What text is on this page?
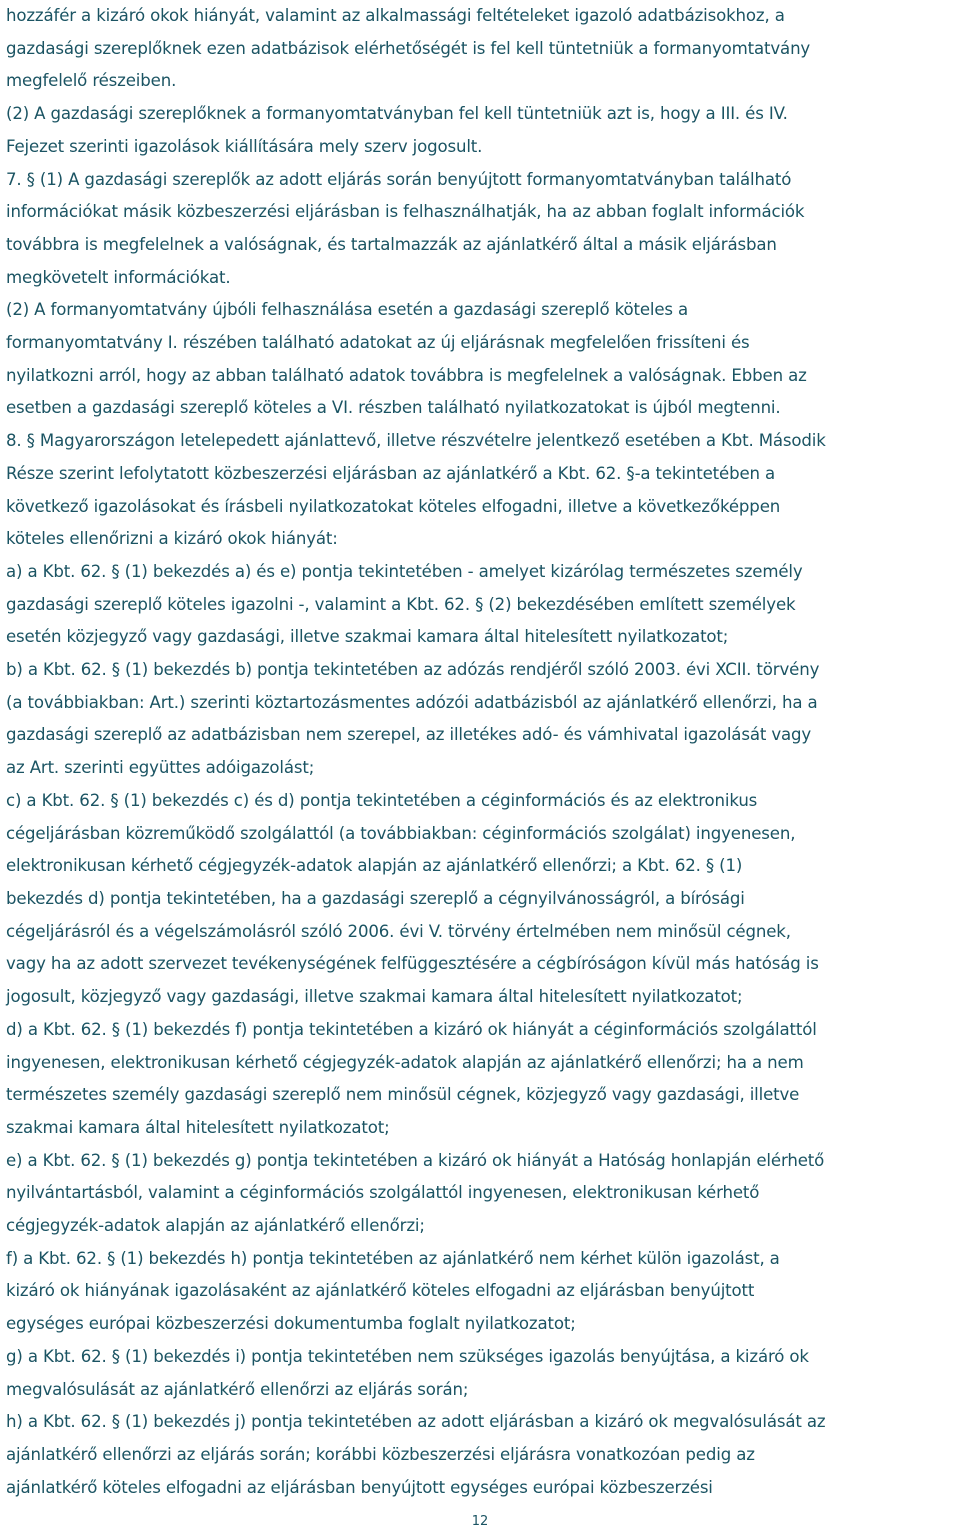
hozzáfér a kizáró okok hiányát, valamint az alkalmassági feltételeket igazoló adatbázisokhoz, a

gazdasági szereplőknek ezen adatbázisok elérhetőségét is fel kell tüntetniük a formanyomtatvány

megfelelő részeiben.

(2) A gazdasági szereplőknek a formanyomtatványban fel kell tüntetniük azt is, hogy a III. és IV.

Fejezet szerinti igazolások kiállítására mely szerv jogosult.

7. § (1) A gazdasági szereplők az adott eljárás során benyújtott formanyomtatványban található

információkat másik közbeszerzési eljárásban is felhasználhatják, ha az abban foglalt információk

továbbra is megfelelnek a valóságnak, és tartalmazzák az ajánlatkérő által a másik eljárásban

megkövetelt információkat.

(2) A formanyomtatvány újbóli felhasználása esetén a gazdasági szereplő köteles a

formanyomtatvány I. részében található adatokat az új eljárásnak megfelelően frissíteni és

nyilatkozni arról, hogy az abban található adatok továbbra is megfelelnek a valóságnak. Ebben az

esetben a gazdasági szereplő köteles a VI. részben található nyilatkozatokat is újból megtenni.

8. § Magyarországon letelepedett ajánlattevő, illetve részvételre jelentkező esetében a Kbt. Második

Része szerint lefolytatott közbeszerzési eljárásban az ajánlatkérő a Kbt. 62. §-a tekintetében a

következő igazolásokat és írásbeli nyilatkozatokat köteles elfogadni, illetve a következőképpen

köteles ellenőrizni a kizáró okok hiányát:

a) a Kbt. 62. § (1) bekezdés a) és e) pontja tekintetében - amelyet kizárólag természetes személy

gazdasági szereplő köteles igazolni -, valamint a Kbt. 62. § (2) bekezdésében említett személyek

esetén közjegyző vagy gazdasági, illetve szakmai kamara által hitelesített nyilatkozatot;

b) a Kbt. 62. § (1) bekezdés b) pontja tekintetében az adózás rendjéről szóló 2003. évi XCII. törvény

(a továbbiakban: Art.) szerinti köztartozásmentes adózói adatbázisból az ajánlatkérő ellenőrzi, ha a

gazdasági szereplő az adatbázisban nem szerepel, az illetékes adó- és vámhivatal igazolását vagy

az Art. szerinti együttes adóigazolást;

c) a Kbt. 62. § (1) bekezdés c) és d) pontja tekintetében a céginformációs és az elektronikus

cégeljárásban közreműködő szolgálattól (a továbbiakban: céginformációs szolgálat) ingyenesen,

elektronikusan kérhető cégjegyzék-adatok alapján az ajánlatkérő ellenőrzi; a Kbt. 62. § (1)

bekezdés d) pontja tekintetében, ha a gazdasági szereplő a cégnyilvánosságról, a bírósági

cégeljárásról és a végelszámolásról szóló 2006. évi V. törvény értelmében nem minősül cégnek,

vagy ha az adott szervezet tevékenységének felfüggesztésére a cégbíróságon kívül más hatóság is

jogosult, közjegyző vagy gazdasági, illetve szakmai kamara által hitelesített nyilatkozatot;

d) a Kbt. 62. § (1) bekezdés f) pontja tekintetében a kizáró ok hiányát a céginformációs szolgálattól

ingyenesen, elektronikusan kérhető cégjegyzék-adatok alapján az ajánlatkérő ellenőrzi; ha a nem

természetes személy gazdasági szereplő nem minősül cégnek, közjegyző vagy gazdasági, illetve

szakmai kamara által hitelesített nyilatkozatot;

e) a Kbt. 62. § (1) bekezdés g) pontja tekintetében a kizáró ok hiányát a Hatóság honlapján elérhető

nyilvántartásból, valamint a céginformációs szolgálattól ingyenesen, elektronikusan kérhető

cégjegyzék-adatok alapján az ajánlatkérő ellenőrzi;

f) a Kbt. 62. § (1) bekezdés h) pontja tekintetében az ajánlatkérő nem kérhet külön igazolást, a

kizáró ok hiányának igazolásaként az ajánlatkérő köteles elfogadni az eljárásban benyújtott

egységes európai közbeszerzési dokumentumba foglalt nyilatkozatot;

g) a Kbt. 62. § (1) bekezdés i) pontja tekintetében nem szükséges igazolás benyújtása, a kizáró ok

megvalósulását az ajánlatkérő ellenőrzi az eljárás során;

h) a Kbt. 62. § (1) bekezdés j) pontja tekintetében az adott eljárásban a kizáró ok megvalósulását az

ajánlatkérő ellenőrzi az eljárás során; korábbi közbeszerzési eljárásra vonatkozóan pedig az

ajánlatkérő köteles elfogadni az eljárásban benyújtott egységes európai közbeszerzési

12
